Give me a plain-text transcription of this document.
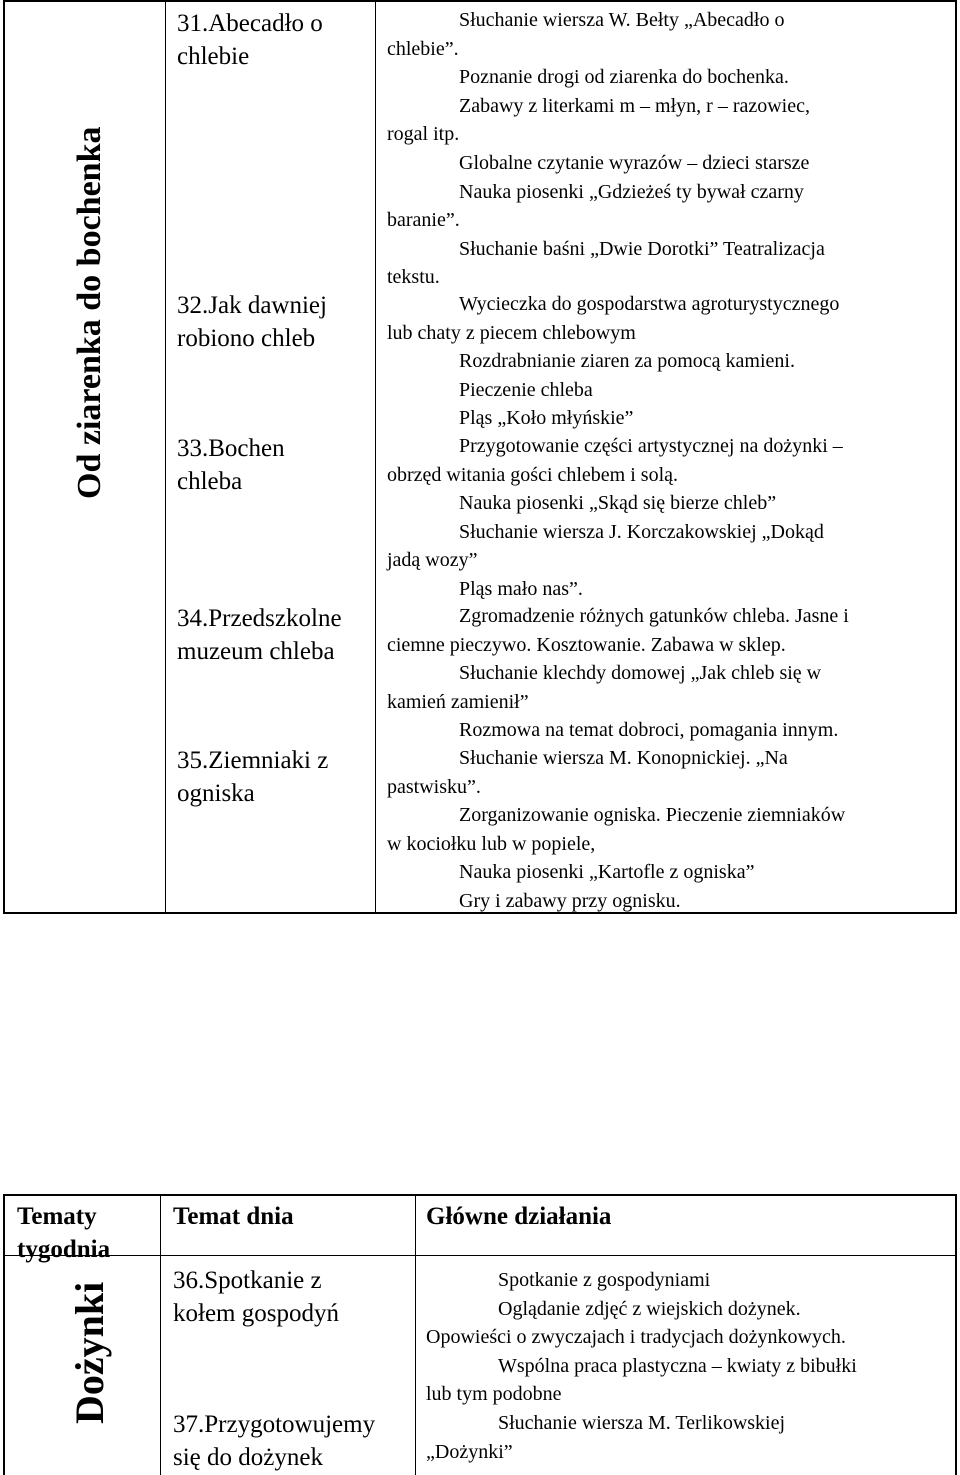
Od ziarenka do bochenka
31.Abecadło o
chlebie
32.Jak dawniej
robiono chleb
33.Bochen
chleba
34.Przedszkolne
muzeum chleba
35.Ziemniaki z
ogniska
Słuchanie wiersza W. Bełty „Abecadło o
chlebie”.
Poznanie drogi od ziarenka do bochenka.
Zabawy z literkami m – młyn, r – razowiec,
rogal itp.
Globalne czytanie wyrazów – dzieci starsze
Nauka piosenki „Gdzieżeś ty bywał czarny
baranie”.
Słuchanie baśni „Dwie Dorotki” Teatralizacja
tekstu.
Wycieczka do gospodarstwa agroturystycznego
lub chaty z piecem chlebowym
Rozdrabnianie ziaren za pomocą kamieni.
Pieczenie chleba
Pląs „Koło młyńskie”
Przygotowanie części artystycznej na dożynki –
obrzęd witania gości chlebem i solą.
Nauka piosenki „Skąd się bierze chleb”
Słuchanie wiersza J. Korczakowskiej „Dokąd
jadą wozy”
Pląs mało nas”.
Zgromadzenie różnych gatunków chleba. Jasne i
ciemne pieczywo. Kosztowanie. Zabawa w sklep.
Słuchanie klechdy domowej „Jak chleb się w
kamień zamienił”
Rozmowa na temat dobroci, pomagania innym.
Słuchanie wiersza M. Konopnickiej. „Na
pastwisku”.
Zorganizowanie ogniska. Pieczenie ziemniaków
w kociołku lub w popiele,
Nauka piosenki „Kartofle z ogniska”
Gry i zabawy przy ognisku.
Tematy
tygodnia
Temat dnia	Główne działania
Dożynki
36.Spotkanie z
kołem gospodyń
37.Przygotowujemy
się do dożynek
Spotkanie z gospodyniami
Oglądanie zdjęć z wiejskich dożynek.
Opowieści o zwyczajach i tradycjach dożynkowych.
Wspólna praca plastyczna – kwiaty z bibułki
lub tym podobne
Słuchanie wiersza M. Terlikowskiej
„Dożynki”
